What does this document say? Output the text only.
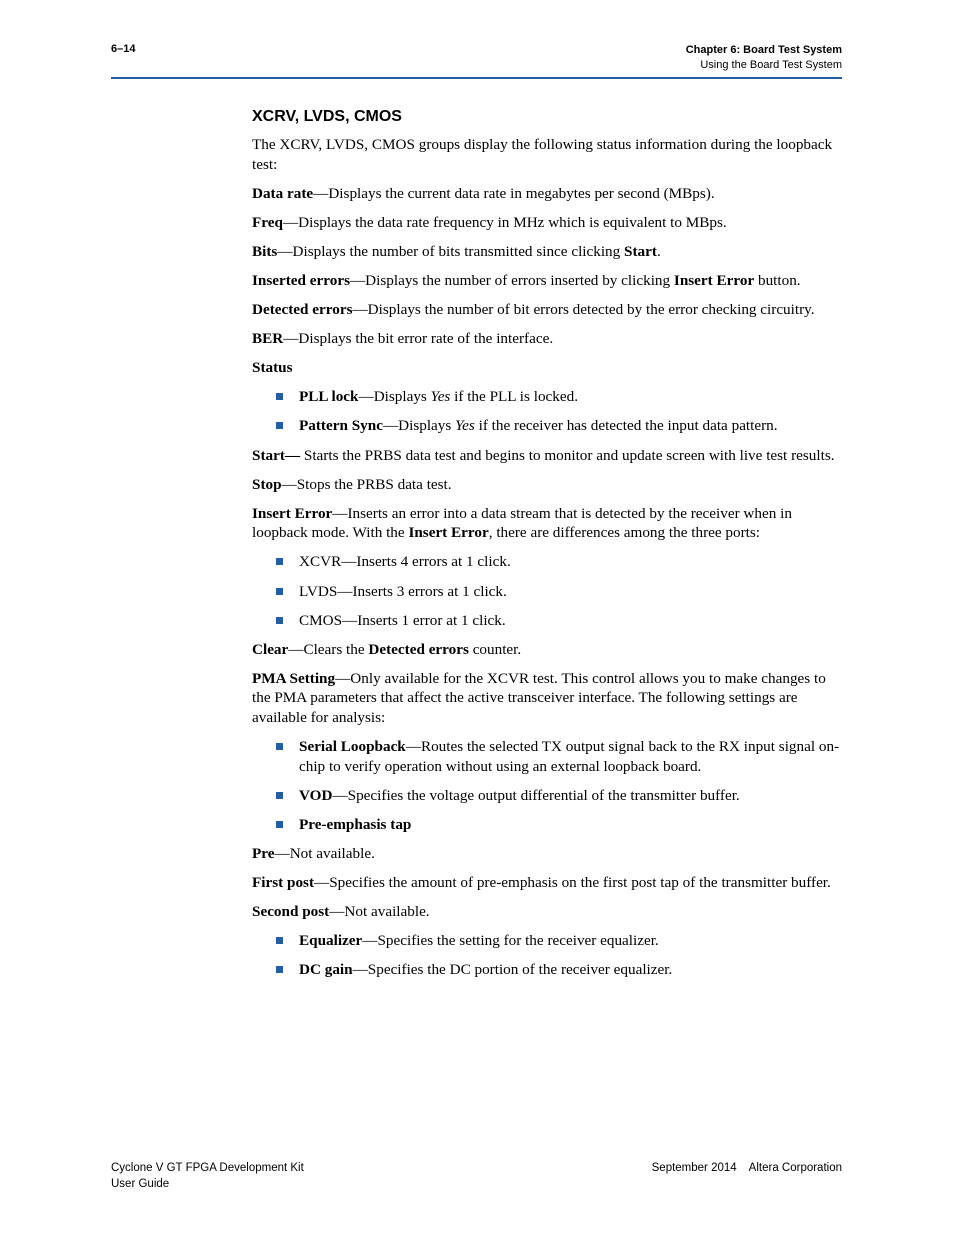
6–14	Chapter 6: Board Test System
Using the Board Test System
XCRV, LVDS, CMOS

The XCRV, LVDS, CMOS groups display the following status information during the loopback test:

Data rate—Displays the current data rate in megabytes per second (MBps).

Freq—Displays the data rate frequency in MHz which is equivalent to MBps.

Bits—Displays the number of bits transmitted since clicking Start.

Inserted errors—Displays the number of errors inserted by clicking Insert Error button.

Detected errors—Displays the number of bit errors detected by the error checking circuitry.

BER—Displays the bit error rate of the interface.

Status

PLL lock—Displays Yes if the PLL is locked.
Pattern Sync—Displays Yes if the receiver has detected the input data pattern.

Start— Starts the PRBS data test and begins to monitor and update screen with live test results.

Stop—Stops the PRBS data test.

Insert Error—Inserts an error into a data stream that is detected by the receiver when in loopback mode. With the Insert Error, there are differences among the three ports:

XCVR—Inserts 4 errors at 1 click.
LVDS—Inserts 3 errors at 1 click.
CMOS—Inserts 1 error at 1 click.

Clear—Clears the Detected errors counter.

PMA Setting—Only available for the XCVR test. This control allows you to make changes to the PMA parameters that affect the active transceiver interface. The following settings are available for analysis:

Serial Loopback—Routes the selected TX output signal back to the RX input signal on-chip to verify operation without using an external loopback board.
VOD—Specifies the voltage output differential of the transmitter buffer.
Pre-emphasis tap

Pre—Not available.

First post—Specifies the amount of pre-emphasis on the first post tap of the transmitter buffer.

Second post—Not available.

Equalizer—Specifies the setting for the receiver equalizer.
DC gain—Specifies the DC portion of the receiver equalizer.
Cyclone V GT FPGA Development Kit
User Guide
September 2014 Altera Corporation
